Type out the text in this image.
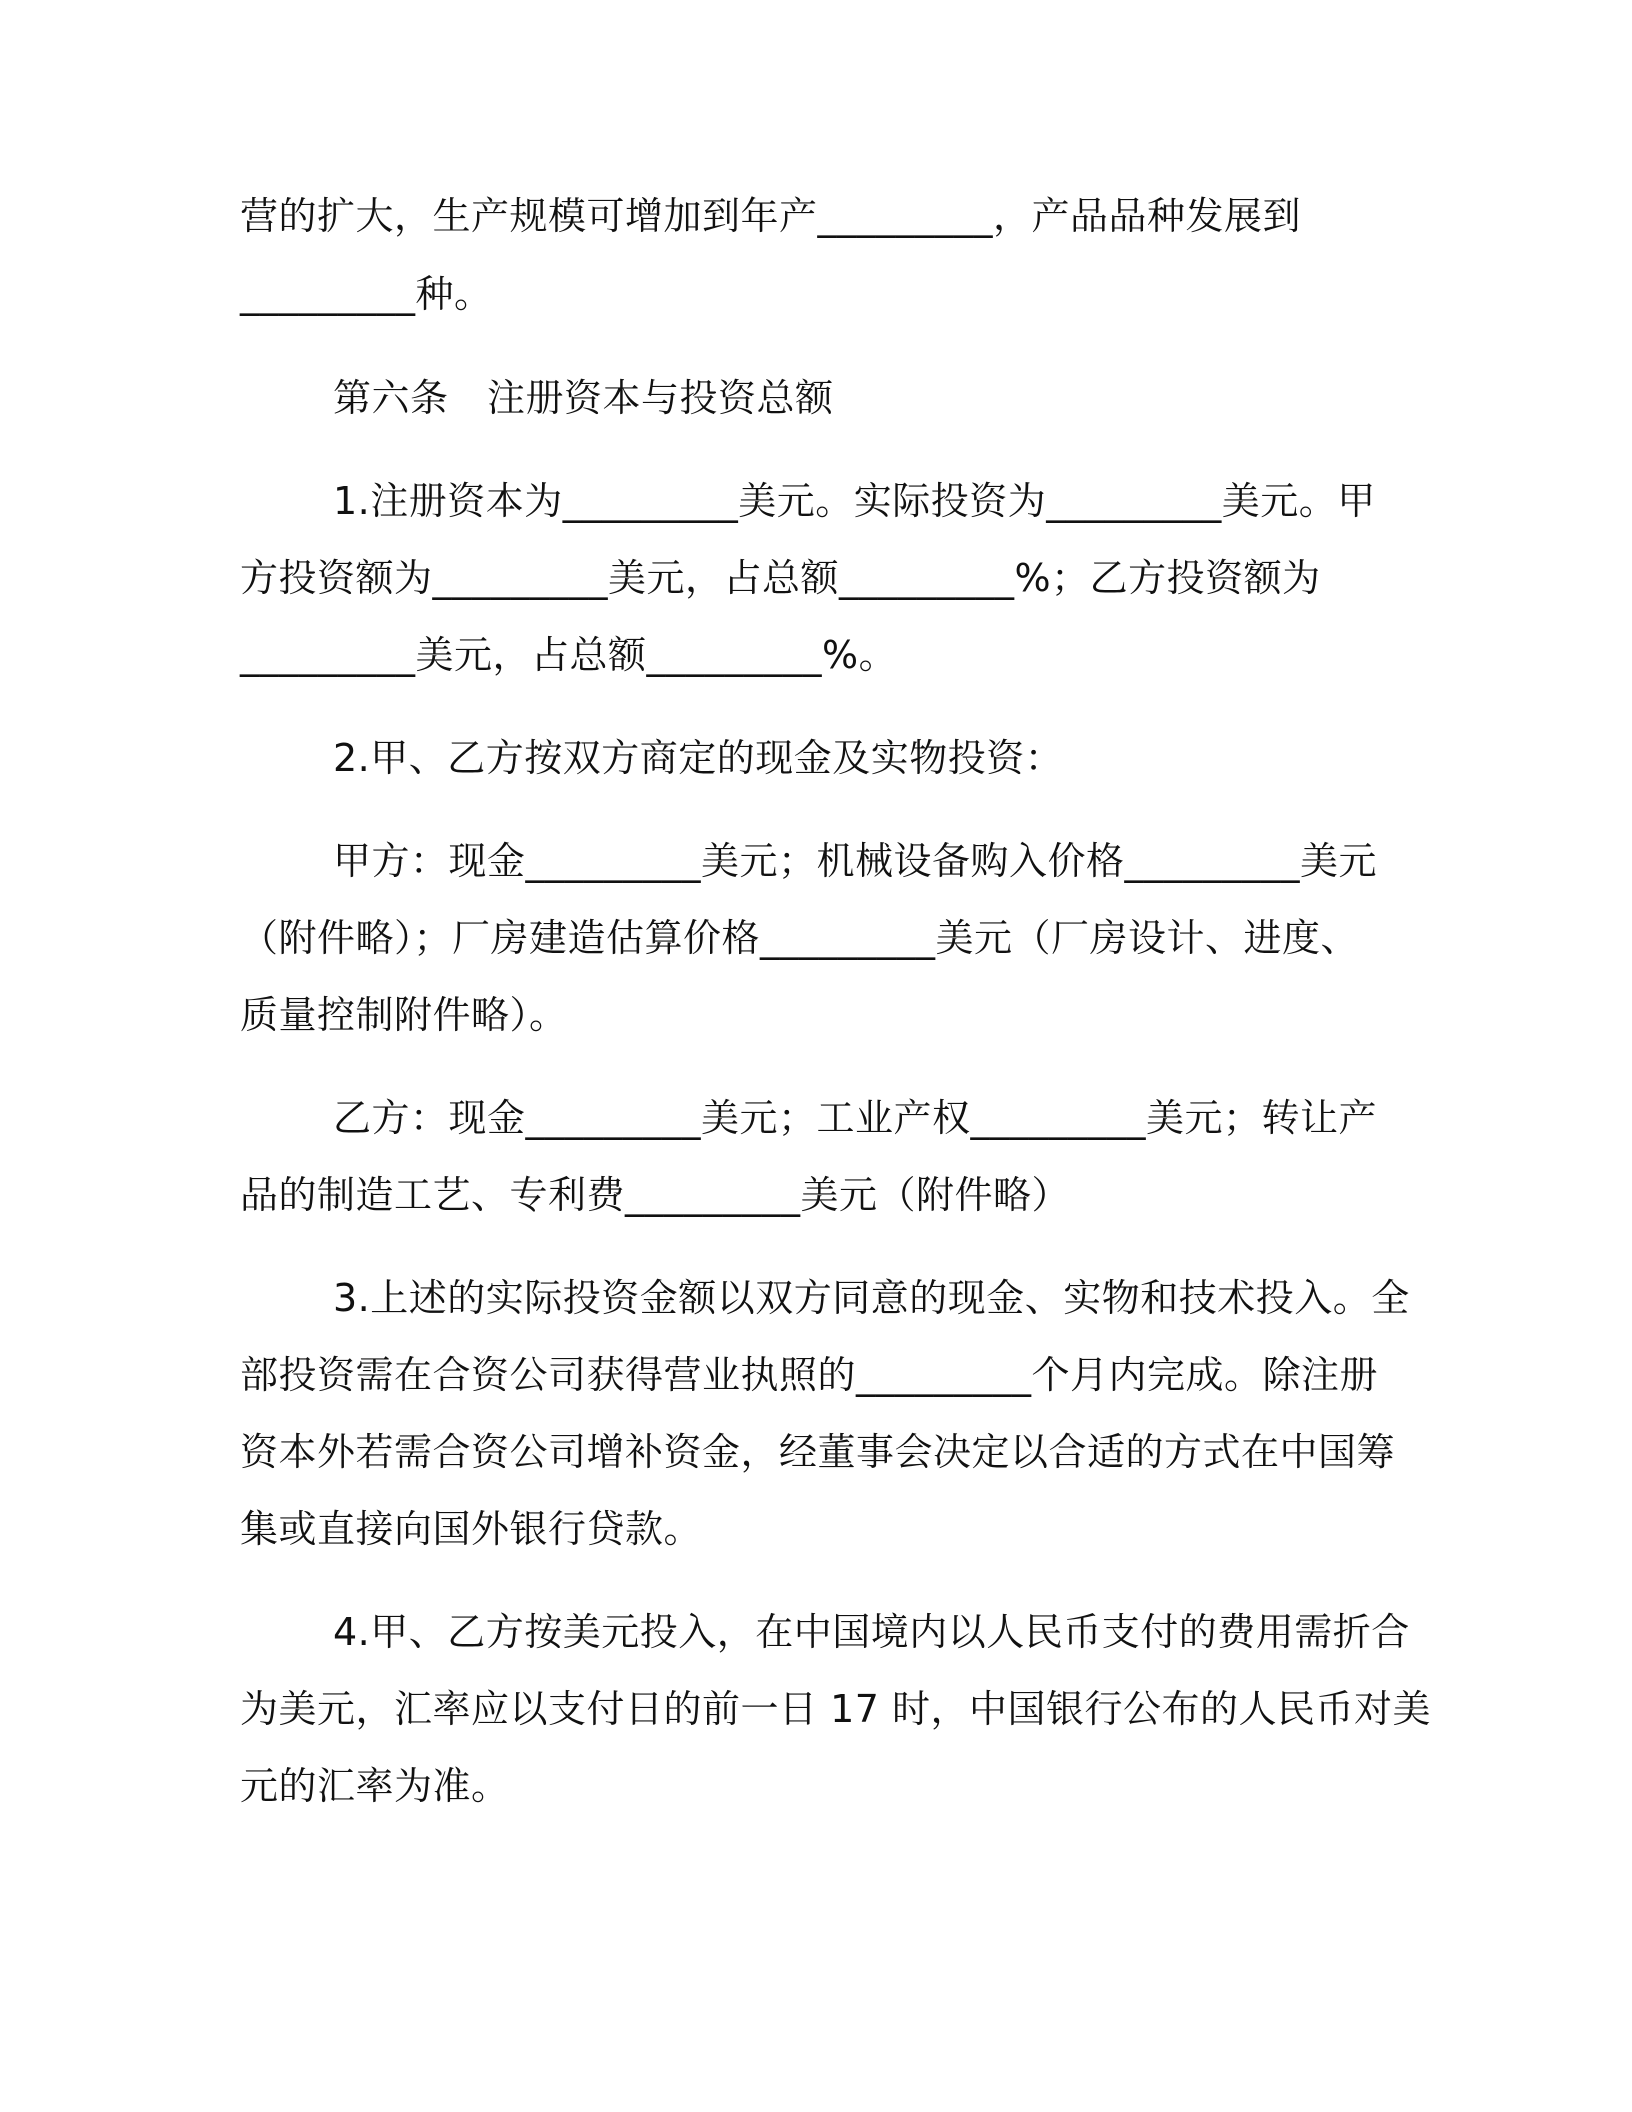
营的扩大，生产规模可增加到年产_________，产品品种发展到
_________种。
第六条　注册资本与投资总额
1.注册资本为_________美元。实际投资为_________美元。甲
方投资额为_________美元，占总额_________%；乙方投资额为
_________美元，占总额_________%。
2.甲、乙方按双方商定的现金及实物投资：
甲方：现金_________美元；机械设备购入价格_________美元
（附件略）；厂房建造估算价格_________美元（厂房设计、进度、
质量控制附件略）。
乙方：现金_________美元；工业产权_________美元；转让产
品的制造工艺、专利费_________美元（附件略）
3.上述的实际投资金额以双方同意的现金、实物和技术投入。全
部投资需在合资公司获得营业执照的_________个月内完成。除注册
资本外若需合资公司增补资金，经董事会决定以合适的方式在中国筹
集或直接向国外银行贷款。
4.甲、乙方按美元投入，在中国境内以人民币支付的费用需折合
为美元，汇率应以支付日的前一日 17 时，中国银行公布的人民币对美
元的汇率为准。
